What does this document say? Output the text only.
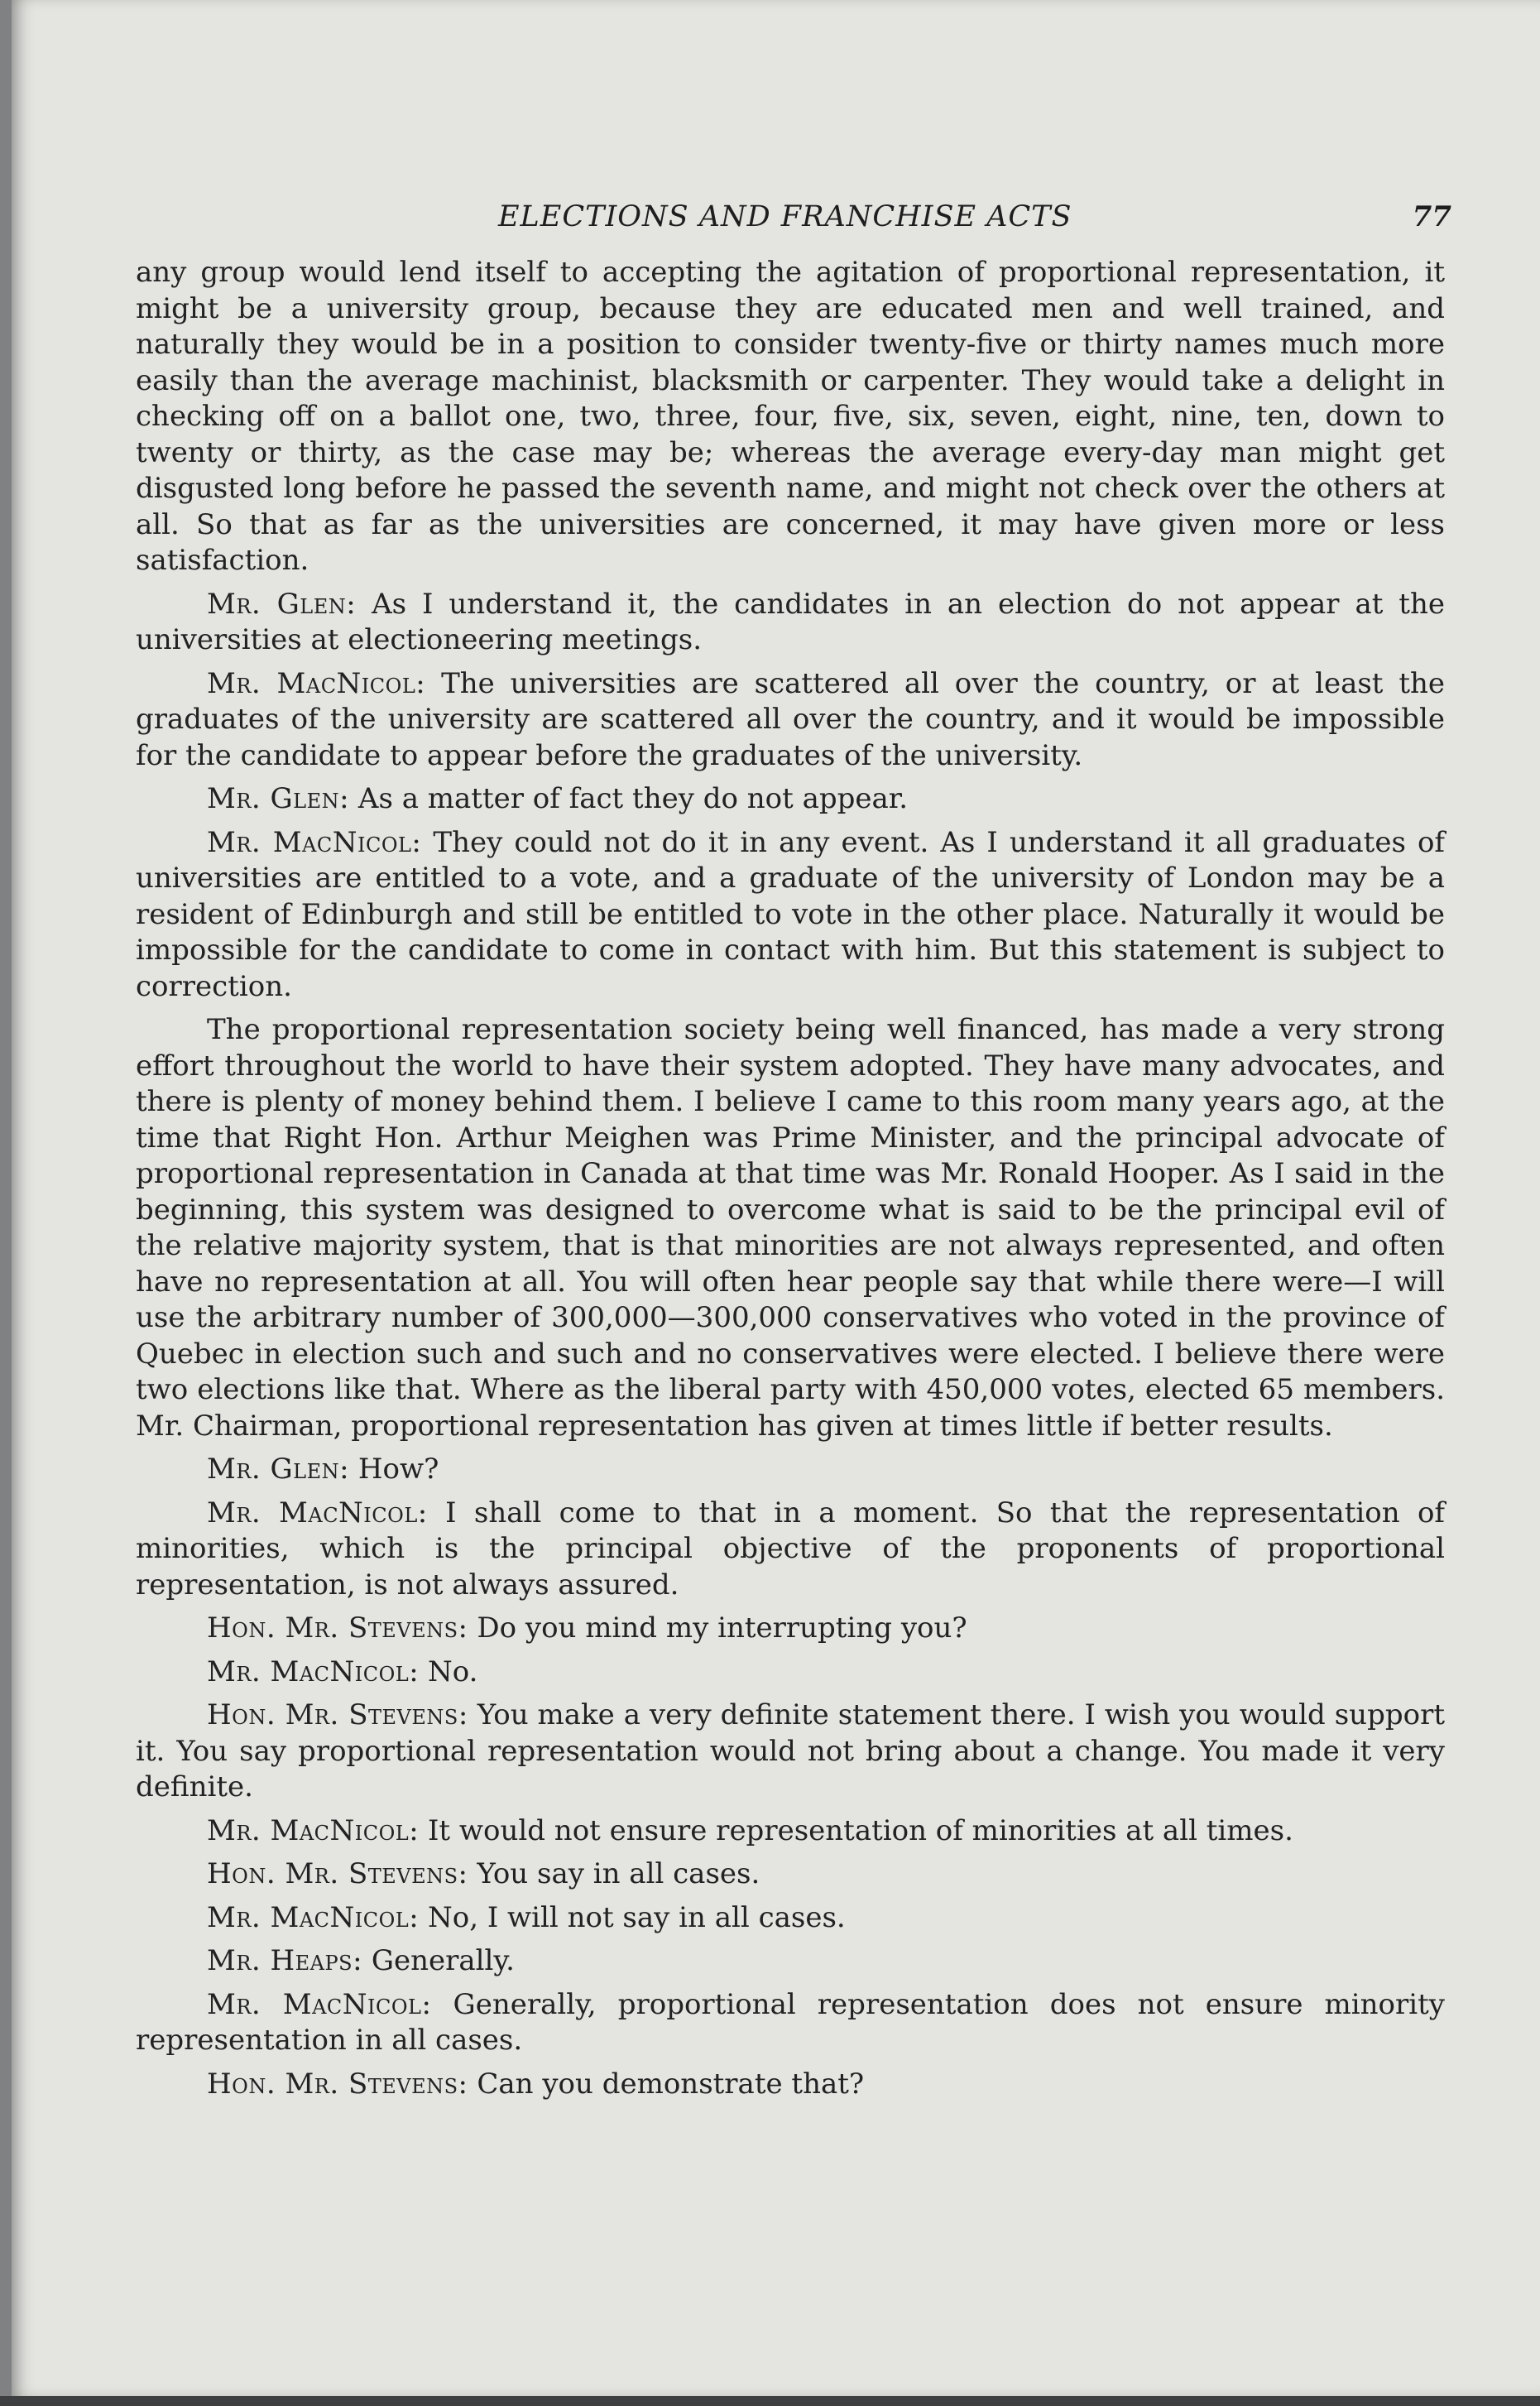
ELECTIONS AND FRANCHISE ACTS	77

any group would lend itself to accepting the agitation of proportional representation, it might be a university group, because they are educated men and well trained, and naturally they would be in a position to consider twenty-five or thirty names much more easily than the average machinist, blacksmith or carpenter. They would take a delight in checking off on a ballot one, two, three, four, five, six, seven, eight, nine, ten, down to twenty or thirty, as the case may be; whereas the average every-day man might get disgusted long before he passed the seventh name, and might not check over the others at all. So that as far as the universities are concerned, it may have given more or less satisfaction.

Mr. Glen: As I understand it, the candidates in an election do not appear at the universities at electioneering meetings.

Mr. MacNicol: The universities are scattered all over the country, or at least the graduates of the university are scattered all over the country, and it would be impossible for the candidate to appear before the graduates of the university.

Mr. Glen: As a matter of fact they do not appear.

Mr. MacNicol: They could not do it in any event. As I understand it all graduates of universities are entitled to a vote, and a graduate of the university of London may be a resident of Edinburgh and still be entitled to vote in the other place. Naturally it would be impossible for the candidate to come in contact with him. But this statement is subject to correction.

The proportional representation society being well financed, has made a very strong effort throughout the world to have their system adopted. They have many advocates, and there is plenty of money behind them. I believe I came to this room many years ago, at the time that Right Hon. Arthur Meighen was Prime Minister, and the principal advocate of proportional representation in Canada at that time was Mr. Ronald Hooper. As I said in the beginning, this system was designed to overcome what is said to be the principal evil of the relative majority system, that is that minorities are not always represented, and often have no representation at all. You will often hear people say that while there were—I will use the arbitrary number of 300,000—300,000 conservatives who voted in the province of Quebec in election such and such and no conservatives were elected. I believe there were two elections like that. Where as the liberal party with 450,000 votes, elected 65 members. Mr. Chairman, proportional representation has given at times little if better results.

Mr. Glen: How?

Mr. MacNicol: I shall come to that in a moment. So that the representation of minorities, which is the principal objective of the proponents of proportional representation, is not always assured.

Hon. Mr. Stevens: Do you mind my interrupting you?

Mr. MacNicol: No.

Hon. Mr. Stevens: You make a very definite statement there. I wish you would support it. You say proportional representation would not bring about a change. You made it very definite.

Mr. MacNicol: It would not ensure representation of minorities at all times.

Hon. Mr. Stevens: You say in all cases.

Mr. MacNicol: No, I will not say in all cases.

Mr. Heaps: Generally.

Mr. MacNicol: Generally, proportional representation does not ensure minority representation in all cases.

Hon. Mr. Stevens: Can you demonstrate that?
